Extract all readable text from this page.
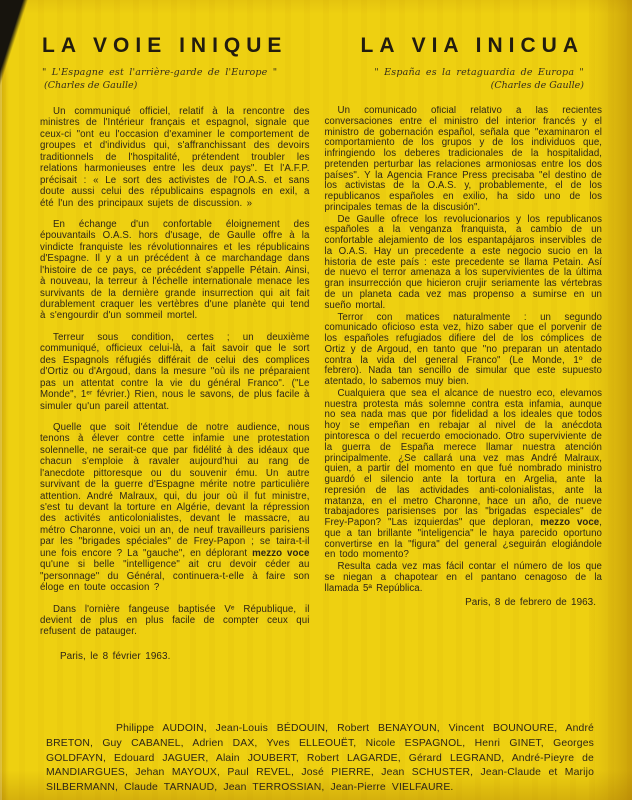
LA VOIE INIQUE
" L'Espagne est l'arrière-garde de l'Europe "
(Charles de Gaulle)
LA VIA INICUA
" España es la retaguardia de Europa "
(Charles de Gaulle)

Un communiqué officiel, relatif à la rencontre des ministres de l'Intérieur français et espagnol, signale que ceux-ci "ont eu l'occasion d'examiner le comportement de groupes et d'individus qui, s'affranchissant des devoirs traditionnels de l'hospitalité, prétendent troubler les relations harmonieuses entre les deux pays". Et l'A.F.P. précisait : « Le sort des activistes de l'O.A.S. et sans doute aussi celui des républicains espagnols en exil, a été l'un des principaux sujets de discussion. »

En échange d'un confortable éloignement des épouvantails O.A.S. hors d'usage, de Gaulle offre à la vindicte franquiste les révolutionnaires et les républicains d'Espagne. Il y a un précédent à ce marchandage dans l'histoire de ce pays, ce précédent s'appelle Pétain. Ainsi, à nouveau, la terreur à l'échelle internationale menace les survivants de la dernière grande insurrection qui ait fait durablement craquer les vertèbres d'une planète qui tend à s'engourdir d'un sommeil mortel.

Terreur sous condition, certes ; un deuxième communiqué, officieux celui-là, a fait savoir que le sort des Espagnols réfugiés différait de celui des complices d'Ortiz ou d'Argoud, dans la mesure "où ils ne préparaient pas un attentat contre la vie du général Franco". ("Le Monde", 1ᵉʳ février.) Rien, nous le savons, de plus facile à simuler qu'un pareil attentat.

Quelle que soit l'étendue de notre audience, nous tenons à élever contre cette infamie une protestation solennelle, ne serait-ce que par fidélité à des idéaux que chacun s'emploie à ravaler aujourd'hui au rang de l'anecdote pittoresque ou du souvenir ému. Un autre survivant de la guerre d'Espagne mérite notre particulière attention. André Malraux, qui, du jour où il fut ministre, s'est tu devant la torture en Algérie, devant la répression des activités anticolonialistes, devant le massacre, au métro Charonne, voici un an, de neuf travailleurs parisiens par les "brigades spéciales" de Frey-Papon ; se taira-t-il une fois encore ? La "gauche", en déplorant mezzo voce qu'une si belle "intelligence" ait cru devoir céder au "personnage" du Général, continuera-t-elle à faire son éloge en toute occasion ?

Dans l'ornière fangeuse baptisée Vᵉ République, il devient de plus en plus facile de compter ceux qui refusent de patauger.

Paris, le 8 février 1963.

Un comunicado oficial relativo a las recientes conversaciones entre el ministro del interior francés y el ministro de gobernación español, señala que "examinaron el comportamiento de los grupos y de los individuos que, infringiendo los deberes tradicionales de la hospitalidad, pretenden perturbar las relaciones armoniosas entre los dos países". Y la Agencia France Press precisaba "el destino de los activistas de la O.A.S. y, probablemente, el de los republicanos españoles en exilio, ha sido uno de los principales temas de la discusión".

De Gaulle ofrece los revolucionarios y los republicanos españoles a la venganza franquista, a cambio de un confortable alejamiento de los espantapájaros inservibles de la O.A.S. Hay un precedente a este negocio sucio en la historia de este país : este precedente se llama Petain. Así de nuevo el terror amenaza a los supervivientes de la última gran insurrección que hicieron crujir seriamente las vértebras de un planeta cada vez mas propenso a sumirse en un sueño mortal.

Terror con matices naturalmente : un segundo comunicado oficioso esta vez, hizo saber que el porvenir de los españoles refugiados difiere del de los cómplices de Ortiz y de Argoud, en tanto que "no preparan un atentado contra la vida del general Franco" (Le Monde, 1º de febrero). Nada tan sencillo de simular que este supuesto atentado, lo sabemos muy bien.

Cualquiera que sea el alcance de nuestro eco, elevamos nuestra protesta más solemne contra esta infamia, aunque no sea nada mas que por fidelidad a los ideales que todos hoy se empeñan en rebajar al nivel de la anécdota pintoresca o del recuerdo emocionado. Otro superviviente de la guerra de España merece llamar nuestra atención principalmente. ¿Se callará una vez mas André Malraux, quien, a partir del momento en que fué nombrado ministro guardó el silencio ante la tortura en Argelia, ante la represión de las actividades anti-colonialistas, ante la matanza, en el metro Charonne, hace un año, de nueve trabajadores parisienses por las "brigadas especiales" de Frey-Papon? "Las izquierdas" que deploran, mezzo voce, que a tan brillante "inteligencia" le haya parecido oportuno convertirse en la "figura" del general ¿seguirán elogiándole en todo momento?

Resulta cada vez mas fácil contar el número de los que se niegan a chapotear en el pantano cenagoso de la llamada 5ª República.

Paris, 8 de febrero de 1963.
Philippe AUDOIN, Jean-Louis BÉDOUIN, Robert BENAYOUN, Vincent BOUNOURE, André BRETON, Guy CABANEL, Adrien DAX, Yves ELLEOUËT, Nicole ESPAGNOL, Henri GINET, Georges GOLDFAYN, Edouard JAGUER, Alain JOUBERT, Robert LAGARDE, Gérard LEGRAND, André-Pieyre de MANDIARGUES, Jehan MAYOUX, Paul REVEL, José PIERRE, Jean SCHUSTER, Jean-Claude et Marijo SILBERMANN, Claude TARNAUD, Jean TERROSSIAN, Jean-Pierre VIELFAURE.
